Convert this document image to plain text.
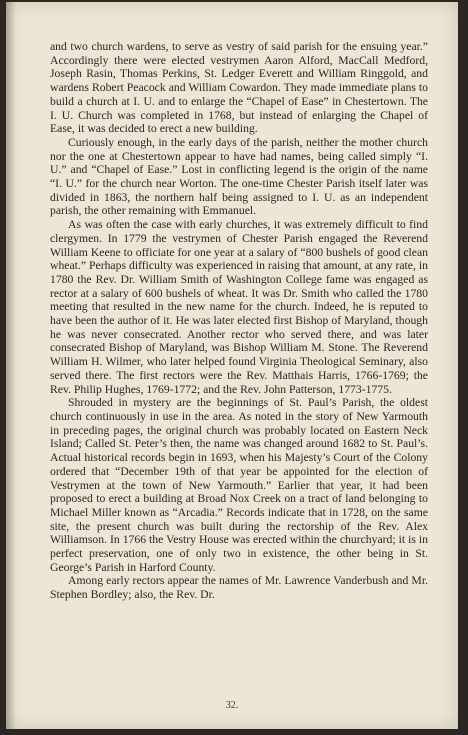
and two church wardens, to serve as vestry of said parish for the ensuing year.” Accordingly there were elected vestrymen Aaron Alford, MacCall Medford, Joseph Rasin, Thomas Perkins, St. Ledger Everett and William Ringgold, and wardens Robert Peacock and William Cowardon. They made immediate plans to build a church at I. U. and to enlarge the “Chapel of Ease” in Chestertown. The I. U. Church was completed in 1768, but instead of enlarging the Chapel of Ease, it was decided to erect a new building.

Curiously enough, in the early days of the parish, neither the mother church nor the one at Chestertown appear to have had names, being called simply “I. U.” and “Chapel of Ease.” Lost in conflicting legend is the origin of the name “I. U.” for the church near Worton. The one-time Chester Parish itself later was divided in 1863, the northern half being assigned to I. U. as an independent parish, the other remaining with Emmanuel.

As was often the case with early churches, it was extremely difficult to find clergymen. In 1779 the vestrymen of Chester Parish engaged the Reverend William Keene to officiate for one year at a salary of “800 bushels of good clean wheat.” Perhaps difficulty was experienced in raising that amount, at any rate, in 1780 the Rev. Dr. William Smith of Washington College fame was engaged as rector at a salary of 600 bushels of wheat. It was Dr. Smith who called the 1780 meeting that resulted in the new name for the church. Indeed, he is reputed to have been the author of it. He was later elected first Bishop of Maryland, though he was never consecrated. Another rector who served there, and was later consecrated Bishop of Maryland, was Bishop William M. Stone. The Reverend William H. Wilmer, who later helped found Virginia Theological Seminary, also served there. The first rectors were the Rev. Matthais Harris, 1766-1769; the Rev. Philip Hughes, 1769-1772; and the Rev. John Patterson, 1773-1775.

Shrouded in mystery are the beginnings of St. Paul’s Parish, the oldest church continuously in use in the area. As noted in the story of New Yarmouth in preceding pages, the original church was probably located on Eastern Neck Island; Called St. Peter’s then, the name was changed around 1682 to St. Paul’s. Actual historical records begin in 1693, when his Majesty’s Court of the Colony ordered that “December 19th of that year be appointed for the election of Vestrymen at the town of New Yarmouth.” Earlier that year, it had been proposed to erect a building at Broad Nox Creek on a tract of land belonging to Michael Miller known as “Arcadia.” Records indicate that in 1728, on the same site, the present church was built during the rectorship of the Rev. Alex Williamson. In 1766 the Vestry House was erected within the churchyard; it is in perfect preservation, one of only two in existence, the other being in St. George’s Parish in Harford County.

Among early rectors appear the names of Mr. Lawrence Vanderbush and Mr. Stephen Bordley; also, the Rev. Dr.

32.
